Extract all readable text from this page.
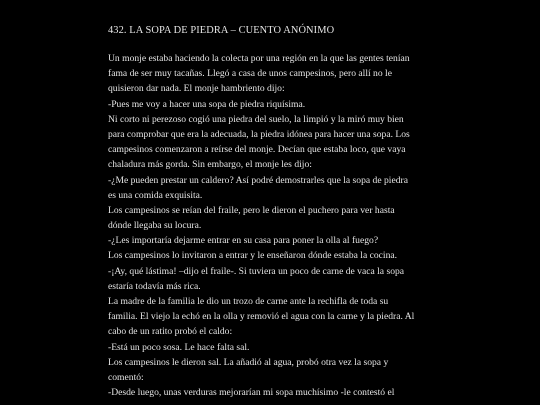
432. LA SOPA DE PIEDRA – CUENTO ANÓNIMO
Un monje estaba haciendo la colecta por una región en la que las gentes tenían
fama de ser muy tacañas. Llegó a casa de unos campesinos, pero allí no le
quisieron dar nada. El monje hambriento dijo:
-Pues me voy a hacer una sopa de piedra riquísima.
Ni corto ni perezoso cogió una piedra del suelo, la limpió y la miró muy bien
para comprobar que era la adecuada, la piedra idónea para hacer una sopa. Los
campesinos comenzaron a reírse del monje. Decían que estaba loco, que vaya
chaladura más gorda. Sin embargo, el monje les dijo:
-¿Me pueden prestar un caldero? Así podré demostrarles que la sopa de piedra
es una comida exquisita.
Los campesinos se reían del fraile, pero le dieron el puchero para ver hasta
dónde llegaba su locura.
-¿Les importaría dejarme entrar en su casa para poner la olla al fuego?
Los campesinos lo invitaron a entrar y le enseñaron dónde estaba la cocina.
-¡Ay, qué lástima! –dijo el fraile-. Si tuviera un poco de carne de vaca la sopa
estaría todavía más rica.
La madre de la familia le dio un trozo de carne ante la rechifla de toda su
familia. El viejo la echó en la olla y removió el agua con la carne y la piedra. Al
cabo de un ratito probó el caldo:
-Está un poco sosa. Le hace falta sal.
Los campesinos le dieron sal. La añadió al agua, probó otra vez la sopa y
comentó:
-Desde luego, unas verduras mejorarían mi sopa muchísimo -le contestó el
